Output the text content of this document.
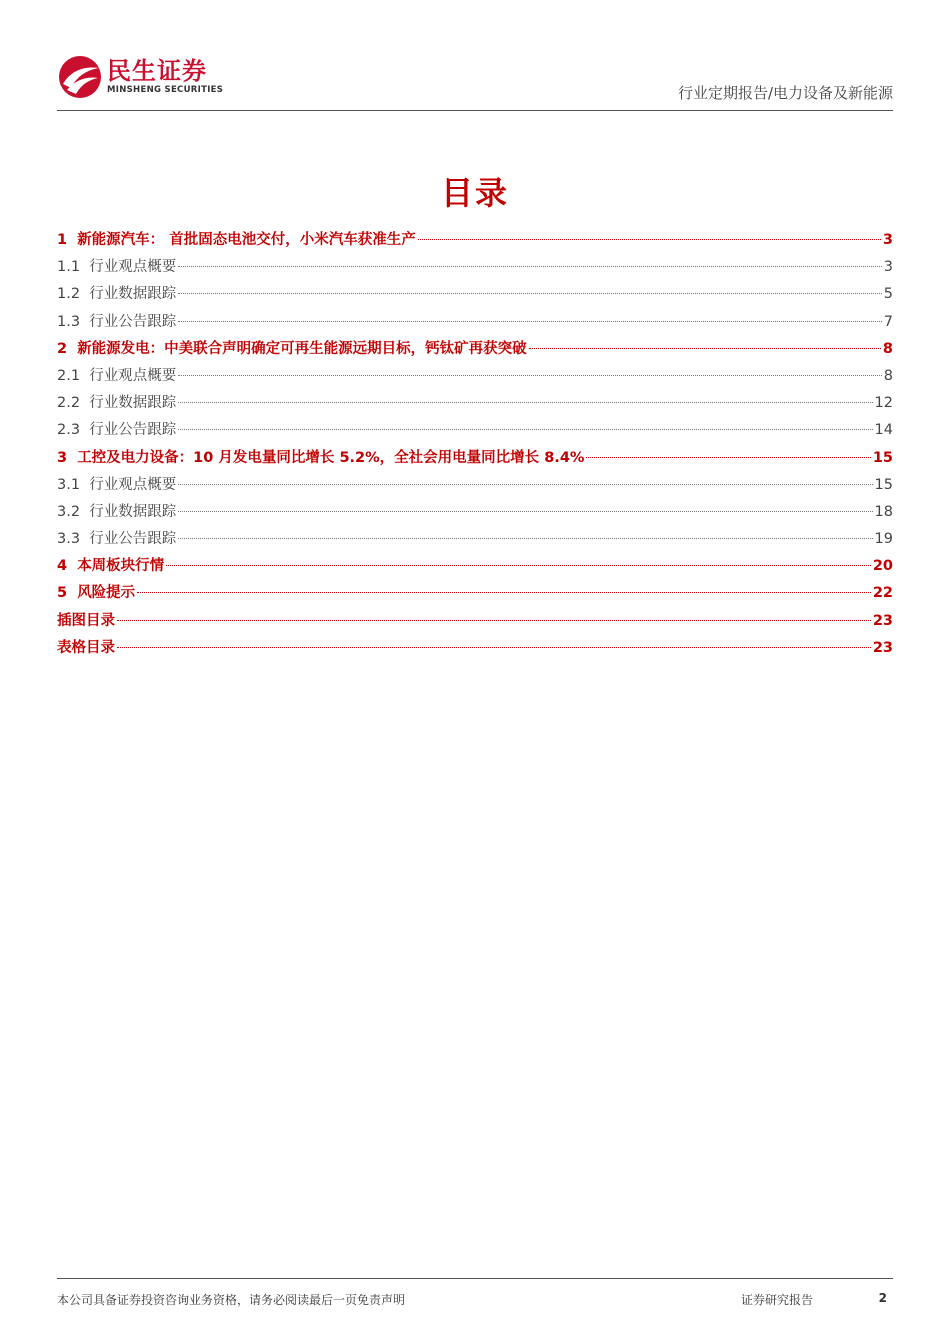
民生证券
MINSHENG SECURITIES	行业定期报告/电力设备及新能源
目录
1 新能源汽车： 首批固态电池交付，小米汽车获准生产	3
1.1 行业观点概要	3
1.2 行业数据跟踪	5
1.3 行业公告跟踪	7
2 新能源发电：中美联合声明确定可再生能源远期目标，钙钛矿再获突破	8
2.1 行业观点概要	8
2.2 行业数据跟踪	12
2.3 行业公告跟踪	14
3 工控及电力设备：10 月发电量同比增长 5.2%，全社会用电量同比增长 8.4%	15
3.1 行业观点概要	15
3.2 行业数据跟踪	18
3.3 行业公告跟踪	19
4 本周板块行情	20
5 风险提示	22
插图目录	23
表格目录	23
本公司具备证券投资咨询业务资格，请务必阅读最后一页免责声明	证券研究报告	2
